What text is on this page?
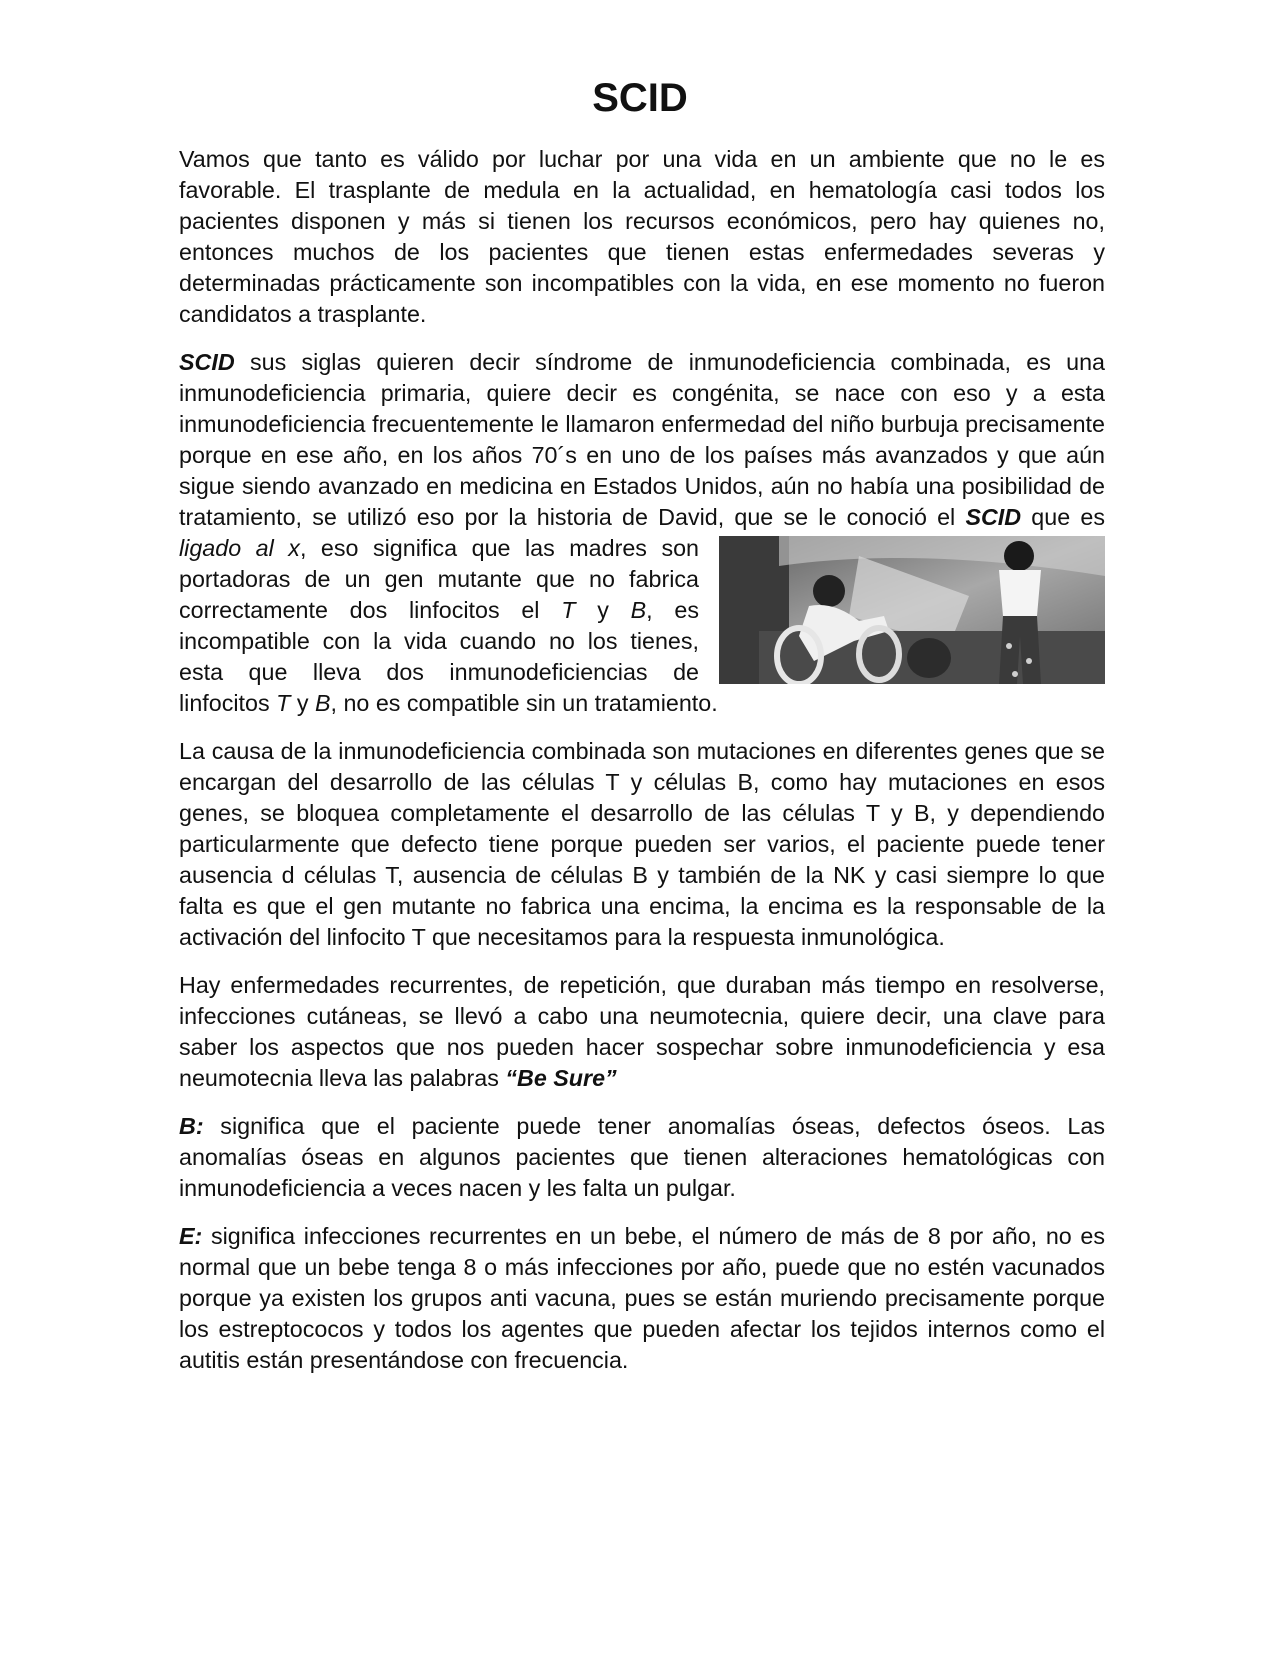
SCID

Vamos que tanto es válido por luchar por una vida en un ambiente que no le es favorable. El trasplante de medula en la actualidad, en hematología casi todos los pacientes disponen y más si tienen los recursos económicos, pero hay quienes no, entonces muchos de los pacientes que tienen estas enfermedades severas y determinadas prácticamente son incompatibles con la vida, en ese momento no fueron candidatos a trasplante.

SCID sus siglas quieren decir síndrome de inmunodeficiencia combinada, es una inmunodeficiencia primaria, quiere decir es congénita, se nace con eso y a esta inmunodeficiencia frecuentemente le llamaron enfermedad del niño burbuja precisamente porque en ese año, en los años 70´s en uno de los países más avanzados y que aún sigue siendo avanzado en medicina en Estados Unidos, aún no había una posibilidad de tratamiento, se utilizó eso por la historia de David, que se le conoció el
SCID que es ligado al x, eso significa que las madres son portadoras de un gen mutante que no fabrica correctamente dos linfocitos el T y B, es incompatible con la vida cuando no los tienes, esta que lleva dos inmunodeficiencias de linfocitos T y B, no es compatible sin un tratamiento.

La causa de la inmunodeficiencia combinada son mutaciones en diferentes genes que se encargan del desarrollo de las células T y células B, como hay mutaciones en esos genes, se bloquea completamente el desarrollo de las células T y B, y dependiendo particularmente que defecto tiene porque pueden ser varios, el paciente puede tener ausencia d células T, ausencia de células B y también de la NK y casi siempre lo que falta es que el gen mutante no fabrica una encima, la encima es la responsable de la activación del linfocito T que necesitamos para la respuesta inmunológica.

Hay enfermedades recurrentes, de repetición, que duraban más tiempo en resolverse, infecciones cutáneas, se llevó a cabo una neumotecnia, quiere decir, una clave para saber los aspectos que nos pueden hacer sospechar sobre inmunodeficiencia y esa neumotecnia lleva las palabras “Be Sure”

B: significa que el paciente puede tener anomalías óseas, defectos óseos. Las anomalías óseas en algunos pacientes que tienen alteraciones hematológicas con inmunodeficiencia a veces nacen y les falta un pulgar.

E: significa infecciones recurrentes en un bebe, el número de más de 8 por año, no es normal que un bebe tenga 8 o más infecciones por año, puede que no estén vacunados porque ya existen los grupos anti vacuna, pues se están muriendo precisamente porque los estreptococos y todos los agentes que pueden afectar los tejidos internos como el autitis están presentándose con frecuencia.
